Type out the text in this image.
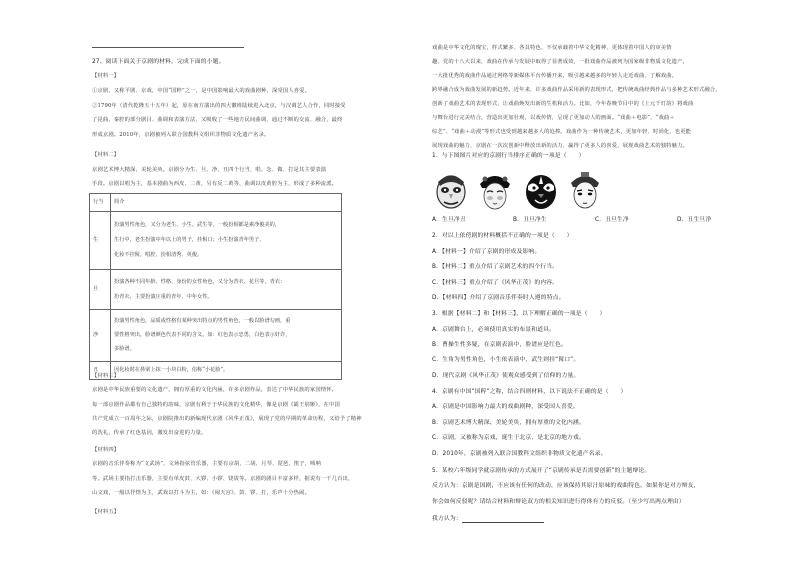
27、阅读下面关于京剧的材料，完成下面的小题。
【材料一】
①京剧，又称平剧、京戏，中国“国粹”之一，是中国影响最大的戏曲剧种，深受国人喜爱。
②1790年（清代乾隆五十五年）起，原在南方演出的四大徽班陆续进入北京，与汉调艺人合作，同时接受
了昆曲、秦腔的部分剧目、曲调和表演方法，又吸收了一些地方民间曲调，通过不断的交流、融合，最终
形成京剧。2010年，京剧被列入联合国教科文组织非物质文化遗产名录。
【材料二】
京剧艺术博大精深，美轮美奂。京剧分为生、旦、净、丑四个行当，唱、念、做、打是其主要表演
手段。京剧以唱为主，基本剧曲为西皮、二黄，另有反二黄等，曲调以皮黄腔为主，形成了多种流派。
行当	简介
生	扮演男性角色，又分为老生、小生、武生等，一般扮相都是素净俊美的，
生行中，老生扮演中年以上的男子，挂髯口；小生扮演青年男子，
化妆不挂髯，唱腔、扮相清秀、英俊。

旦	扮演各种不同年龄、性格、身份的女性角色，又分为青衣、花旦等，青衣：
扮青衣，主要扮演庄重的青年、中年女性。

净	扮演男性角色，品质或性格有某种突出特点的男性角色，一般以脸谱勾画，重
要性格突出，脸谱颜色代表不同的含义，如：红色表示忠勇，白色表示奸诈，
多脸谱。

丑	因化妆时在鼻梁上抹一小块白粉，俗称“小花脸”。
【材料三】
京剧是中华民族重要的文化遗产，拥有厚重的文化内涵，许多京剧作品，表达了中华民族的家国情怀。
每一部京剧作品都有自己独特的韵味，京剧有利于于华民族的文化精华，像是京剧《霸王别姬》，在中国
共产党成立一百周年之际，京剧院推出的新编现代京剧《风华正茂》，展现了党的早期的革命历程，又给予了精神
的洗礼，传承了红色基因，激发出奋进的力量。
【材料四】
京剧的音乐伴奏称为“文武场”，文场指弦管乐器，主要有京胡、二胡、月琴、琵琶，笛子，唢呐
等。武场主要指打击乐器，主要有单皮鼓、大锣、小锣、铙钹等。京剧的剧目丰富多样，据说有一千几百出，
山文戏，一般以抒情为主，武戏以打斗为主，如：《闹天宫》、鼓、锣、打，乐声十分热闹。
【材料五】
戏曲是中华文化的瑰宝，样式繁多、各具特色，不仅承载着中华文化精神，更体现着中国人的审美情
趣。党的十八大以来，戏曲在传承与发展中取得了显著成效，一批戏曲作品被列为国家级非物质文化遗产，
一大批优秀的戏曲作品通过网络等新媒体平台传播开来，吸引越来越多的年轻人走近戏曲、了解戏曲。
跨界融合成为戏曲发展的新趋势。近年来，许多戏曲作品采用新的表现形式，把传统戏曲经典作品与多种艺术形式融合，
创新了戏曲艺术的表现形式，让戏曲焕发出新的生机和活力。比如，今年春晚节目中的《上元千灯韵》将戏曲
与舞台进行完美结合，营造出更加壮观，以戏传情，呈现了更加动人的画面。“戏曲＋电影”、“戏曲＋
综艺”、“戏曲＋动漫”等形式也受到越来越多人的追捧。戏曲作为一种传统艺术，更加年轻、时尚化，也更能
展现戏曲的魅力，京剧在一次次创新中释放出新的活力，赢得了更多人的喜爱，展现戏曲艺术的独特魅力。
1．与下图图片对应的京剧行当排序正确的一项是（　　）
A．生旦净丑	B．丑旦净生	C．丑旦生净	D．丑生旦净
2．对以上依傍剧的材料概括不正确的一项是（　　）
A．【材料一】介绍了京剧的形成及影响。
B．【材料二】重点介绍了京剧艺术的四个行当。
C．【材料三】重点介绍了《风华正茂》的内容。
D．【材料四】介绍了京剧音乐伴奏时人遵的特点。
3．根据【材料二】和【材料三】，以下理解正确的一项是（　　）
A．京剧舞台上，必须使用真实的布景和道具。
B．曹操生性多疑，在京剧表演中，脸谱应是红色。
C．生角为男性角色，小生依表演中，武生则挂“髯口”。
D．现代京剧《风华正茂》使观众感受到了信仰的力量。
4．京剧有中国“国粹”之称，结合四则材料，以下说法不正确的是（　　）
A．京剧是中国影响力最大的戏曲剧种，深受国人喜爱。
B．京剧艺术博大精深、美轮美奂，拥有厚重的文化内涵。
C．京剧，又被称为京戏，诞生于北京，是北京的地方戏。
D．2010年，京剧被列入联合国教科文组织非物质文化遗产名录。
5．某校六年级同学就京剧传承的方式展开了“京剧传承是否需要创新”的主题辩论。
反方认为：京剧是国剧，不应该有任何的改动，应该保持其原汁原味的戏曲特色。如果你是对方辩友，
你会如何反驳呢？请结合材料和辩论双方的相关知识进行得体有力的反驳。（至少写出两点理由）
我方认为：
